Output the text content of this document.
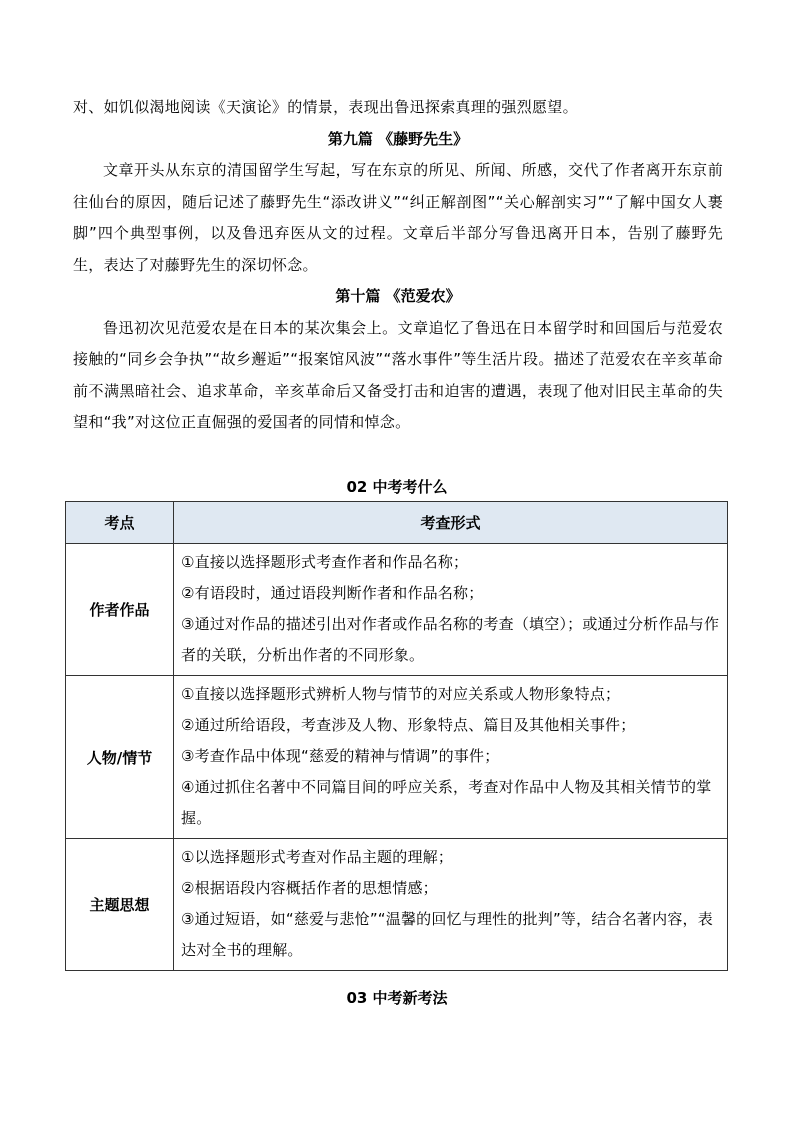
对、如饥似渴地阅读《天演论》的情景，表现出鲁迅探索真理的强烈愿望。

第九篇 《藤野先生》

文章开头从东京的清国留学生写起，写在东京的所见、所闻、所感，交代了作者离开东京前往仙台的原因，随后记述了藤野先生“添改讲义”“纠正解剖图”“关心解剖实习”“了解中国女人裹脚”四个典型事例，以及鲁迅弃医从文的过程。文章后半部分写鲁迅离开日本，告别了藤野先生，表达了对藤野先生的深切怀念。

第十篇 《范爱农》

鲁迅初次见范爱农是在日本的某次集会上。文章追忆了鲁迅在日本留学时和回国后与范爱农接触的“同乡会争执”“故乡邂逅”“报案馆风波”“落水事件”等生活片段。描述了范爱农在辛亥革命前不满黑暗社会、追求革命，辛亥革命后又备受打击和迫害的遭遇，表现了他对旧民主革命的失望和“我”对这位正直倔强的爱国者的同情和悼念。

02 中考考什么

考点	考查形式
作者作品	①直接以选择题形式考查作者和作品名称；

②有语段时，通过语段判断作者和作品名称；

③通过对作品的描述引出对作者或作品名称的考查（填空）；或通过分析作品与作者的关联，分析出作者的不同形象。

人物/情节	①直接以选择题形式辨析人物与情节的对应关系或人物形象特点；

②通过所给语段，考查涉及人物、形象特点、篇目及其他相关事件；

③考查作品中体现“慈爱的精神与情调”的事件；

④通过抓住名著中不同篇目间的呼应关系，考查对作品中人物及其相关情节的掌握。

主题思想	①以选择题形式考查对作品主题的理解；

②根据语段内容概括作者的思想情感；

③通过短语，如“慈爱与悲怆”“温馨的回忆与理性的批判”等，结合名著内容，表达对全书的理解。

03 中考新考法
